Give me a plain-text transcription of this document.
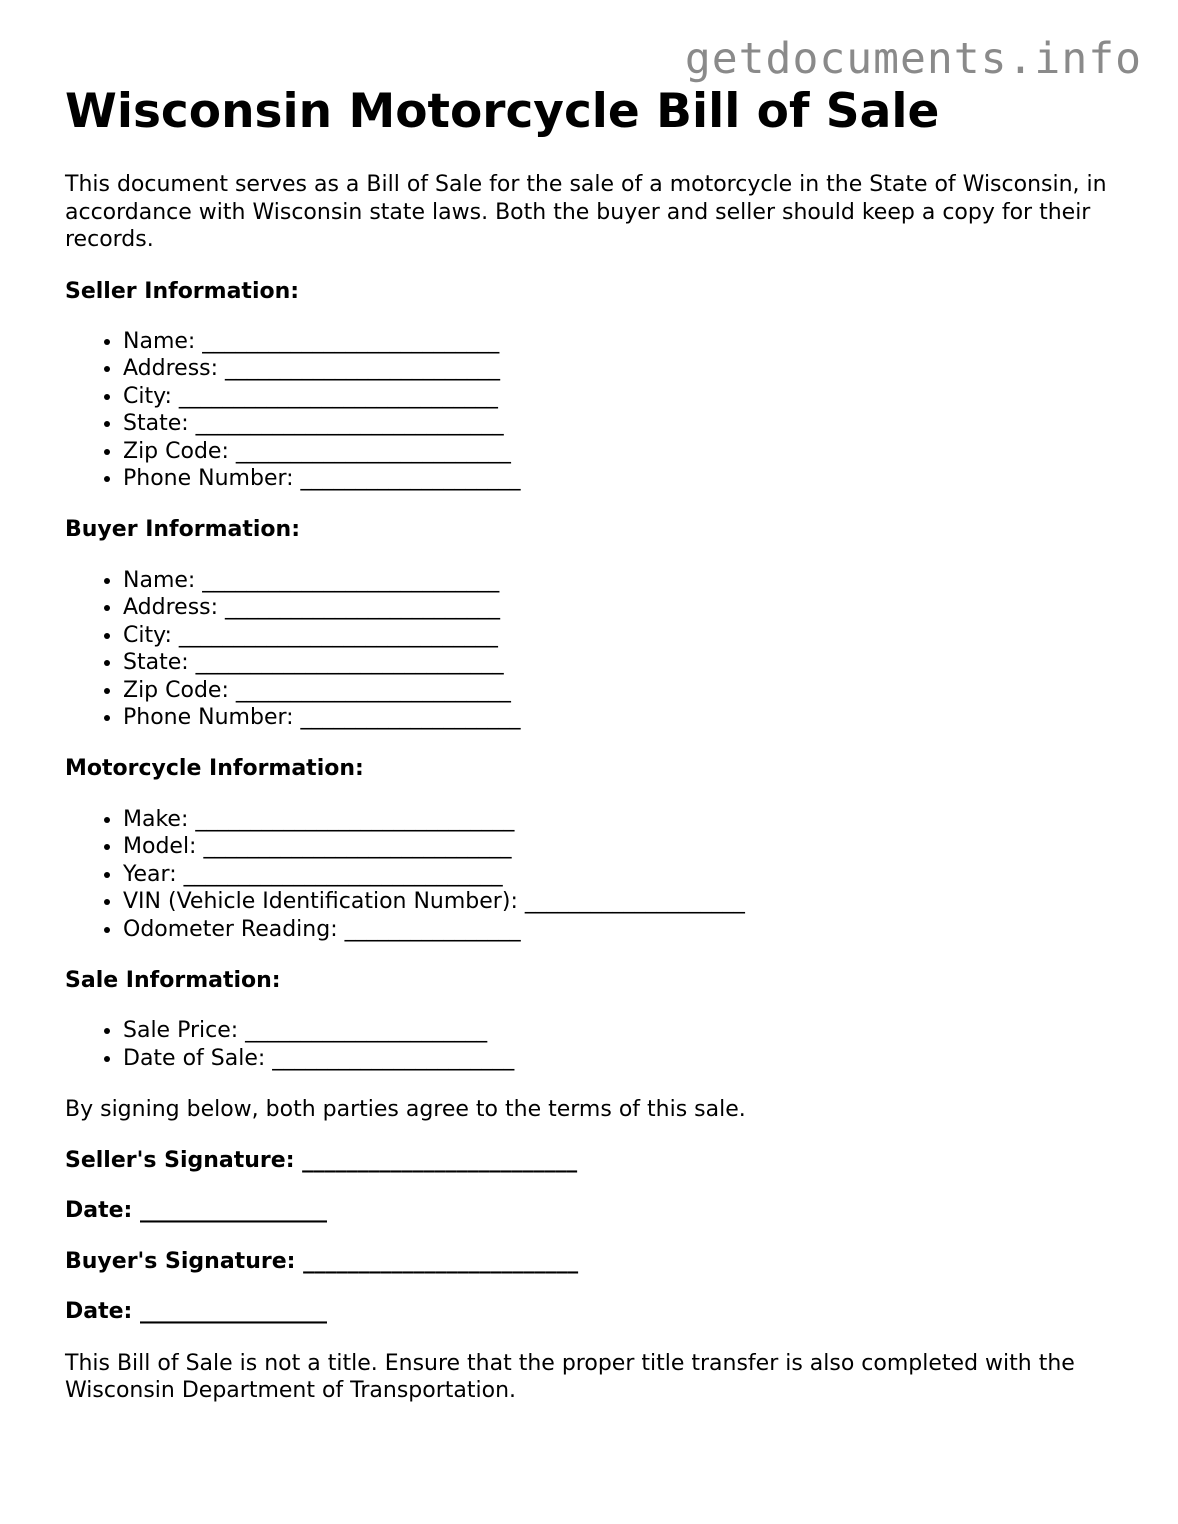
getdocuments.info
Wisconsin Motorcycle Bill of Sale

This document serves as a Bill of Sale for the sale of a motorcycle in the State of Wisconsin, in accordance with Wisconsin state laws. Both the buyer and seller should keep a copy for their records.

Seller Information:

• Name: ___________________________
• Address: _________________________
• City: _____________________________
• State: ____________________________
• Zip Code: _________________________
• Phone Number: ____________________

Buyer Information:

• Name: ___________________________
• Address: _________________________
• City: _____________________________
• State: ____________________________
• Zip Code: _________________________
• Phone Number: ____________________

Motorcycle Information:

• Make: _____________________________
• Model: ____________________________
• Year: _____________________________
• VIN (Vehicle Identification Number): ____________________
• Odometer Reading: ________________

Sale Information:

• Sale Price: ______________________
• Date of Sale: ______________________

By signing below, both parties agree to the terms of this sale.

Seller's Signature: _________________________

Date: _________________

Buyer's Signature: _________________________

Date: _________________

This Bill of Sale is not a title. Ensure that the proper title transfer is also completed with the Wisconsin Department of Transportation.
